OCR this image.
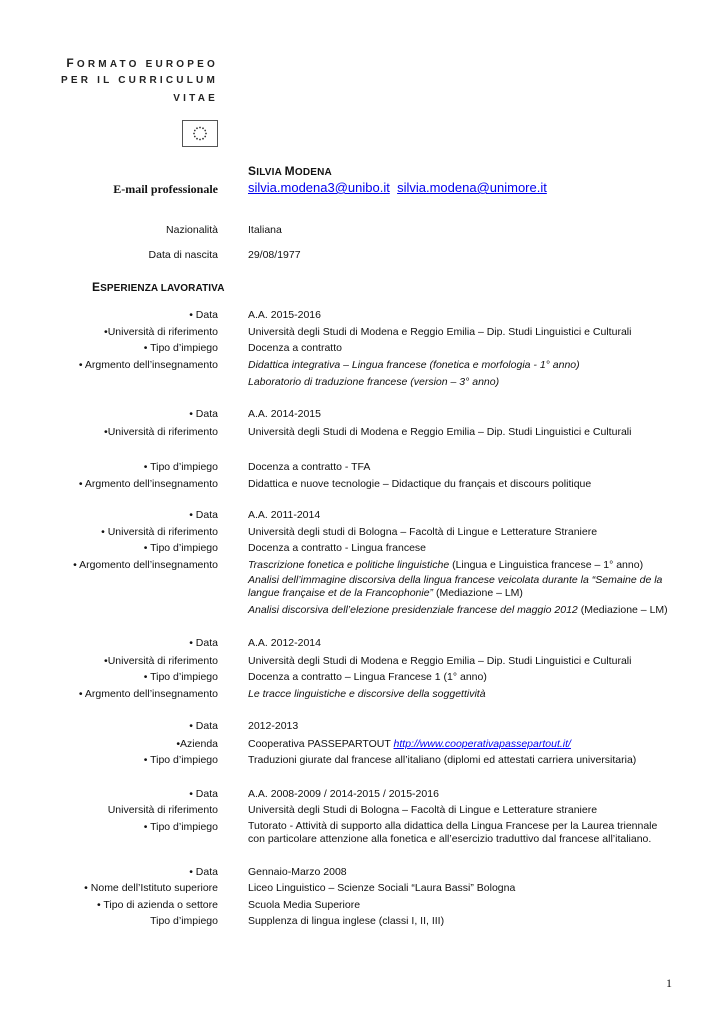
FORMATO EUROPEO
PER IL CURRICULUM
VITAE
SILVIA MODENA
E-mail professionale silvia.modena3@unibo.it silvia.modena@unimore.it
Nazionalità	Italiana
Data di nascita	29/08/1977
ESPERIENZA LAVORATIVA
• Data	A.A. 2015-2016
•Università di riferimento	Università degli Studi di Modena e Reggio Emilia – Dip. Studi Linguistici e Culturali
• Tipo d’impiego	Docenza a contratto
• Argmento dell’insegnamento	Didattica integrativa – Lingua francese (fonetica e morfologia - 1° anno)
Laboratorio di traduzione francese (version – 3° anno)
• Data	A.A. 2014-2015
•Università di riferimento	Università degli Studi di Modena e Reggio Emilia – Dip. Studi Linguistici e Culturali
• Tipo d’impiego	Docenza a contratto - TFA
• Argmento dell’insegnamento	Didattica e nuove tecnologie – Didactique du français et discours politique
• Data	A.A. 2011-2014
• Università di riferimento	Università degli studi di Bologna – Facoltà di Lingue e Letterature Straniere
• Tipo d’impiego	Docenza a contratto - Lingua francese
• Argomento dell’insegnamento	Trascrizione fonetica e politiche linguistiche (Lingua e Linguistica francese – 1° anno)
Analisi dell’immagine discorsiva della lingua francese veicolata durante la “Semaine de la langue française et de la Francophonie” (Mediazione – LM)
Analisi discorsiva dell’elezione presidenziale francese del maggio 2012 (Mediazione – LM)
• Data	A.A. 2012-2014
•Università di riferimento	Università degli Studi di Modena e Reggio Emilia – Dip. Studi Linguistici e Culturali
• Tipo d’impiego	Docenza a contratto – Lingua Francese 1 (1° anno)
• Argmento dell’insegnamento	Le tracce linguistiche e discorsive della soggettività
• Data	2012-2013
•Azienda	Cooperativa PASSEPARTOUT http://www.cooperativapassepartout.it/
• Tipo d’impiego	Traduzioni giurate dal francese all’italiano (diplomi ed attestati carriera universitaria)
• Data	A.A. 2008-2009 / 2014-2015 / 2015-2016
Università di riferimento	Università degli Studi di Bologna – Facoltà di Lingue e Letterature straniere
• Tipo d’impiego	Tutorato - Attività di supporto alla didattica della Lingua Francese per la Laurea triennale con particolare attenzione alla fonetica e all’esercizio traduttivo dal francese all’italiano.
• Data	Gennaio-Marzo 2008
• Nome dell’Istituto superiore	Liceo Linguistico – Scienze Sociali “Laura Bassi” Bologna
• Tipo di azienda o settore	Scuola Media Superiore
Tipo d’impiego	Supplenza di lingua inglese (classi I, II, III)
1
